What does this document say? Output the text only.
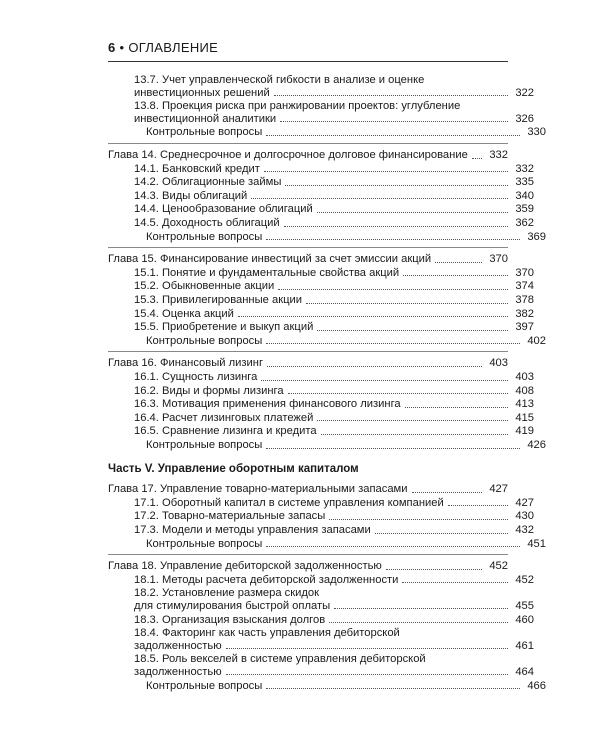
6 • ОГЛАВЛЕНИЕ
13.7. Учет управленческой гибкости в анализе и оценке
инвестиционных решений	322
13.8. Проекция риска при ранжировании проектов: углубление
инвестиционной аналитики	326
Контрольные вопросы	330
Глава 14. Среднесрочное и долгосрочное долговое финансирование 332
14.1. Банковский кредит	332
14.2. Облигационные займы	335
14.3. Виды облигаций	340
14.4. Ценообразование облигаций	359
14.5. Доходность облигаций	362
Контрольные вопросы	369
Глава 15. Финансирование инвестиций за счет эмиссии акций	370
15.1. Понятие и фундаментальные свойства акций	370
15.2. Обыкновенные акции	374
15.3. Привилегированные акции	378
15.4. Оценка акций	382
15.5. Приобретение и выкуп акций	397
Контрольные вопросы	402
Глава 16. Финансовый лизинг	403
16.1. Сущность лизинга	403
16.2. Виды и формы лизинга	408
16.3. Мотивация применения финансового лизинга	413
16.4. Расчет лизинговых платежей	415
16.5. Сравнение лизинга и кредита	419
Контрольные вопросы	426
Часть V. Управление оборотным капиталом
Глава 17. Управление товарно-материальными запасами	427
17.1. Оборотный капитал в системе управления компанией	427
17.2. Товарно-материальные запасы	430
17.3. Модели и методы управления запасами	432
Контрольные вопросы	451
Глава 18. Управление дебиторской задолженностью	452
18.1. Методы расчета дебиторской задолженности	452
18.2. Установление размера скидок
для стимулирования быстрой оплаты	455
18.3. Организация взыскания долгов	460
18.4. Факторинг как часть управления дебиторской
задолженностью	461
18.5. Роль векселей в системе управления дебиторской
задолженностью	464
Контрольные вопросы	466
